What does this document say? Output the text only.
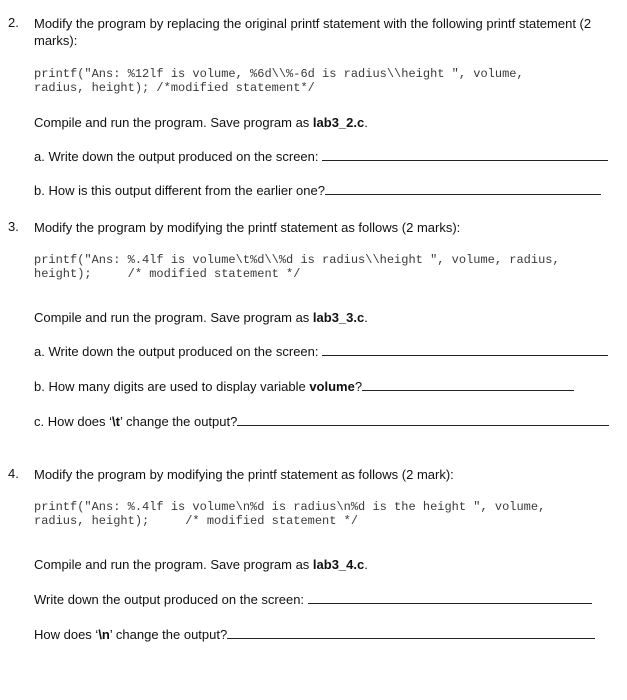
2. Modify the program by replacing the original printf statement with the following printf statement (2 marks):
printf("Ans: %12lf is volume, %6d\\%-6d is radius\\height ", volume,
radius, height); /*modified statement*/
Compile and run the program. Save program as lab3_2.c.
a. Write down the output produced on the screen:
b. How is this output different from the earlier one?
3. Modify the program by modifying the printf statement as follows (2 marks):
printf("Ans: %.4lf is volume\t%d\\%d is radius\\height ", volume, radius,
height);     /* modified statement */
Compile and run the program. Save program as lab3_3.c.
a. Write down the output produced on the screen:
b. How many digits are used to display variable volume?
c. How does ‘\t’ change the output?
4. Modify the program by modifying the printf statement as follows (2 mark):
printf("Ans: %.4lf is volume\n%d is radius\n%d is the height ", volume,
radius, height);     /* modified statement */
Compile and run the program. Save program as lab3_4.c.
Write down the output produced on the screen:
How does ‘\n’ change the output?
